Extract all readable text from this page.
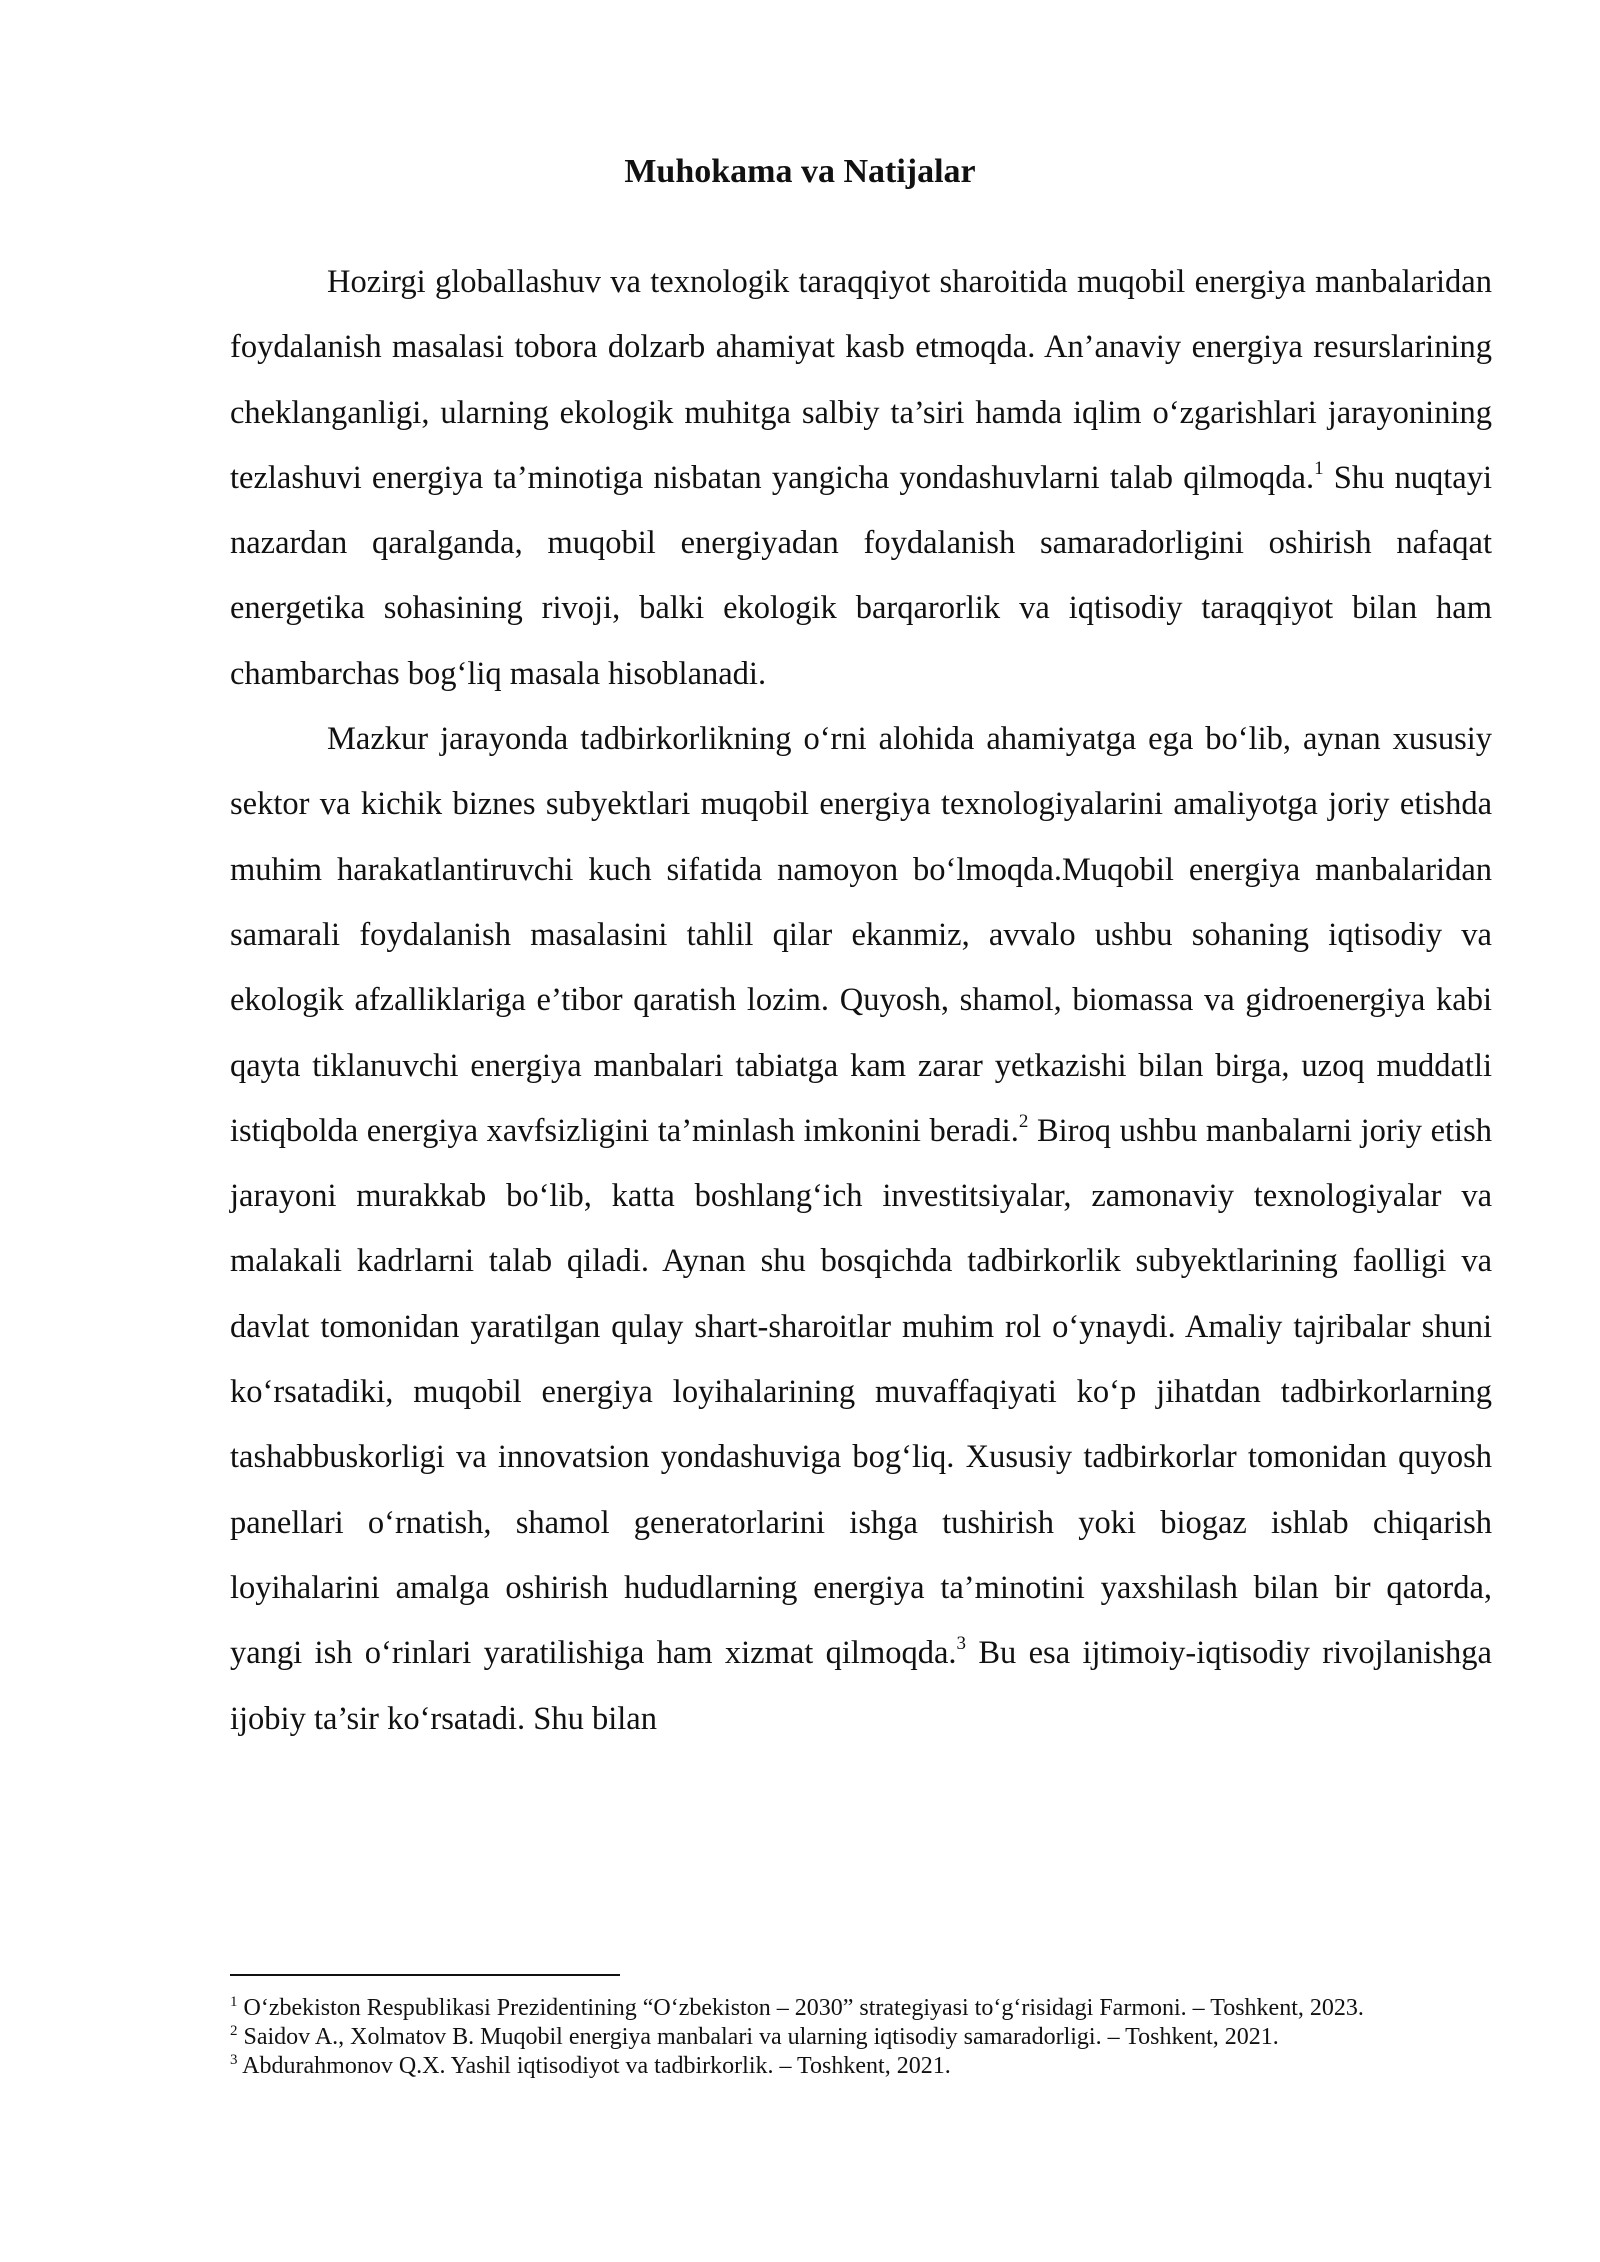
Muhokama va Natijalar

Hozirgi globallashuv va texnologik taraqqiyot sharoitida muqobil energiya manbalaridan foydalanish masalasi tobora dolzarb ahamiyat kasb etmoqda. An’anaviy energiya resurslarining cheklanganligi, ularning ekologik muhitga salbiy ta’siri hamda iqlim o‘zgarishlari jarayonining tezlashuvi energiya ta’minotiga nisbatan yangicha yondashuvlarni talab qilmoqda.$^1$ Shu nuqtayi nazardan qaralganda, muqobil energiyadan foydalanish samaradorligini oshirish nafaqat energetika sohasining rivoji, balki ekologik barqarorlik va iqtisodiy taraqqiyot bilan ham chambarchas bog‘liq masala hisoblanadi.

Mazkur jarayonda tadbirkorlikning o‘rni alohida ahamiyatga ega bo‘lib, aynan xususiy sektor va kichik biznes subyektlari muqobil energiya texnologiyalarini amaliyotga joriy etishda muhim harakatlantiruvchi kuch sifatida namoyon bo‘lmoqda.Muqobil energiya manbalaridan samarali foydalanish masalasini tahlil qilar ekanmiz, avvalo ushbu sohaning iqtisodiy va ekologik afzalliklariga e’tibor qaratish lozim. Quyosh, shamol, biomassa va gidroenergiya kabi qayta tiklanuvchi energiya manbalari tabiatga kam zarar yetkazishi bilan birga, uzoq muddatli istiqbolda energiya xavfsizligini ta’minlash imkonini beradi.$^2$ Biroq ushbu manbalarni joriy etish jarayoni murakkab bo‘lib, katta boshlang‘ich investitsiyalar, zamonaviy texnologiyalar va malakali kadrlarni talab qiladi. Aynan shu bosqichda tadbirkorlik subyektlarining faolligi va davlat tomonidan yaratilgan qulay shart-sharoitlar muhim rol o‘ynaydi. Amaliy tajribalar shuni ko‘rsatadiki, muqobil energiya loyihalarining muvaffaqiyati ko‘p jihatdan tadbirkorlarning tashabbuskorligi va innovatsion yondashuviga bog‘liq. Xususiy tadbirkorlar tomonidan quyosh panellari o‘rnatish, shamol generatorlarini ishga tushirish yoki biogaz ishlab chiqarish loyihalarini amalga oshirish hududlarning energiya ta’minotini yaxshilash bilan bir qatorda, yangi ish o‘rinlari yaratilishiga ham xizmat qilmoqda.$^3$ Bu esa ijtimoiy-iqtisodiy rivojlanishga ijobiy ta’sir ko‘rsatadi. Shu bilan

$^1$ O‘zbekiston Respublikasi Prezidentining “O‘zbekiston – 2030” strategiyasi to‘g‘risidagi Farmoni. – Toshkent, 2023.

$^2$ Saidov A., Xolmatov B. Muqobil energiya manbalari va ularning iqtisodiy samaradorligi. – Toshkent, 2021.

$^3$ Abdurahmonov Q.X. Yashil iqtisodiyot va tadbirkorlik. – Toshkent, 2021.
